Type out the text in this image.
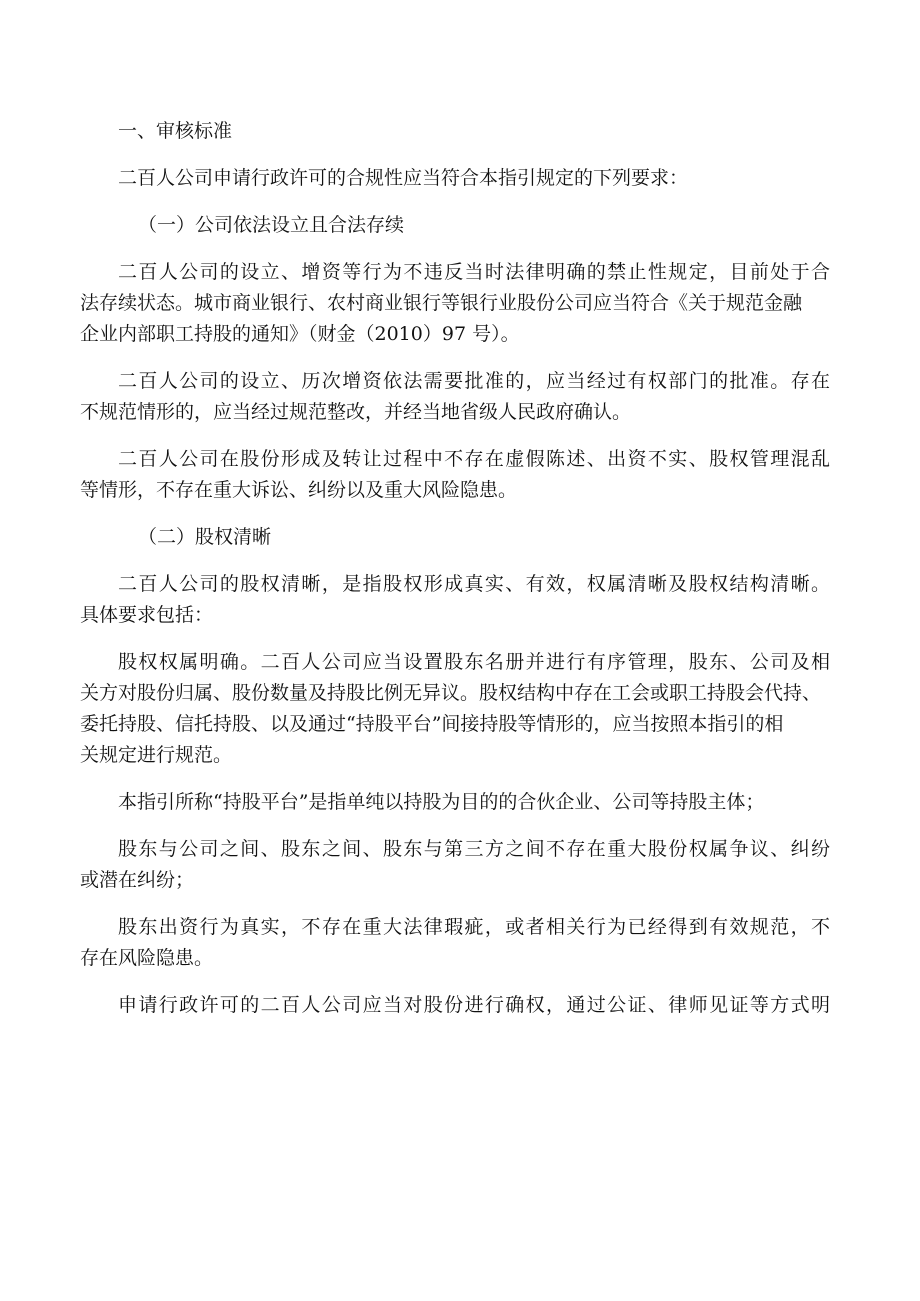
一、审核标准
二百人公司申请行政许可的合规性应当符合本指引规定的下列要求：
（一）公司依法设立且合法存续
二百人公司的设立、增资等行为不违反当时法律明确的禁止性规定，目前处于合
法存续状态。城市商业银行、农村商业银行等银行业股份公司应当符合《关于规范金融
企业内部职工持股的通知》（财金（2010）97 号）。
二百人公司的设立、历次增资依法需要批准的，应当经过有权部门的批准。存在
不规范情形的，应当经过规范整改，并经当地省级人民政府确认。
二百人公司在股份形成及转让过程中不存在虚假陈述、出资不实、股权管理混乱
等情形，不存在重大诉讼、纠纷以及重大风险隐患。
（二）股权清晰
二百人公司的股权清晰，是指股权形成真实、有效，权属清晰及股权结构清晰。
具体要求包括：
股权权属明确。二百人公司应当设置股东名册并进行有序管理，股东、公司及相
关方对股份归属、股份数量及持股比例无异议。股权结构中存在工会或职工持股会代持、
委托持股、信托持股、以及通过“持股平台”间接持股等情形的，应当按照本指引的相
关规定进行规范。
本指引所称“持股平台”是指单纯以持股为目的的合伙企业、公司等持股主体；
股东与公司之间、股东之间、股东与第三方之间不存在重大股份权属争议、纠纷
或潜在纠纷；
股东出资行为真实，不存在重大法律瑕疵，或者相关行为已经得到有效规范，不
存在风险隐患。
申请行政许可的二百人公司应当对股份进行确权，通过公证、律师见证等方式明
